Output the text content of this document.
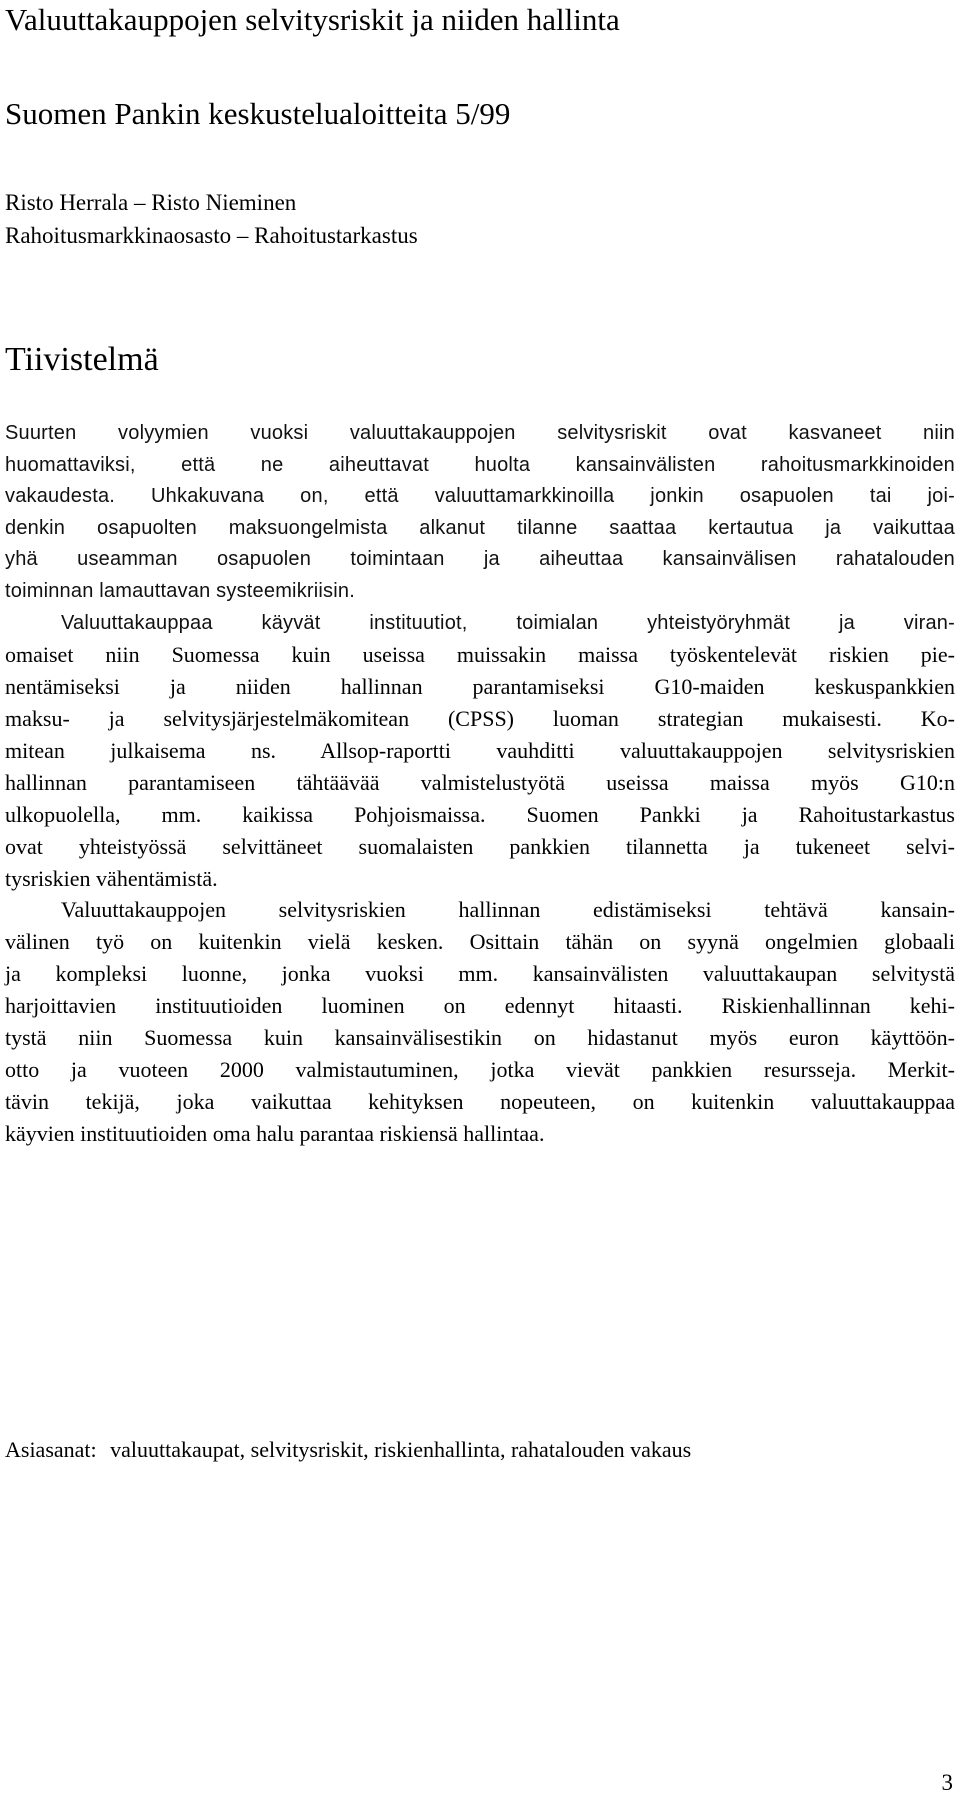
Valuuttakauppojen selvitysriskit ja niiden hallinta
Suomen Pankin keskustelualoitteita 5/99
Risto Herrala – Risto Nieminen
Rahoitusmarkkinaosasto – Rahoitustarkastus
Tiivistelmä
Suurten volyymien vuoksi valuuttakauppojen selvitysriskit ovat kasvaneet niin
huomattaviksi, että ne aiheuttavat huolta kansainvälisten rahoitusmarkkinoiden
vakaudesta. Uhkakuvana on, että valuuttamarkkinoilla jonkin osapuolen tai joi-
denkin osapuolten maksuongelmista alkanut tilanne saattaa kertautua ja vaikuttaa
yhä useamman osapuolen toimintaan ja aiheuttaa kansainvälisen rahatalouden
toiminnan lamauttavan systeemikriisin.
Valuuttakauppaa käyvät instituutiot, toimialan yhteistyöryhmät ja viran-
omaiset niin Suomessa kuin useissa muissakin maissa työskentelevät riskien pie-
nentämiseksi ja niiden hallinnan parantamiseksi G10-maiden keskuspankkien
maksu- ja selvitysjärjestelmäkomitean (CPSS) luoman strategian mukaisesti. Ko-
mitean julkaisema ns. Allsop-raportti vauhditti valuuttakauppojen selvitysriskien
hallinnan parantamiseen tähtäävää valmistelustyötä useissa maissa myös G10:n
ulkopuolella, mm. kaikissa Pohjoismaissa. Suomen Pankki ja Rahoitustarkastus
ovat yhteistyössä selvittäneet suomalaisten pankkien tilannetta ja tukeneet selvi-
tysriskien vähentämistä.
Valuuttakauppojen selvitysriskien hallinnan edistämiseksi tehtävä kansain-
välinen työ on kuitenkin vielä kesken. Osittain tähän on syynä ongelmien globaali
ja kompleksi luonne, jonka vuoksi mm. kansainvälisten valuuttakaupan selvitystä
harjoittavien instituutioiden luominen on edennyt hitaasti. Riskienhallinnan kehi-
tystä niin Suomessa kuin kansainvälisestikin on hidastanut myös euron käyttöön-
otto ja vuoteen 2000 valmistautuminen, jotka vievät pankkien resursseja. Merkit-
tävin tekijä, joka vaikuttaa kehityksen nopeuteen, on kuitenkin valuuttakauppaa
käyvien instituutioiden oma halu parantaa riskiensä hallintaa.
Asiasanat: valuuttakaupat, selvitysriskit, riskienhallinta, rahatalouden vakaus
3
